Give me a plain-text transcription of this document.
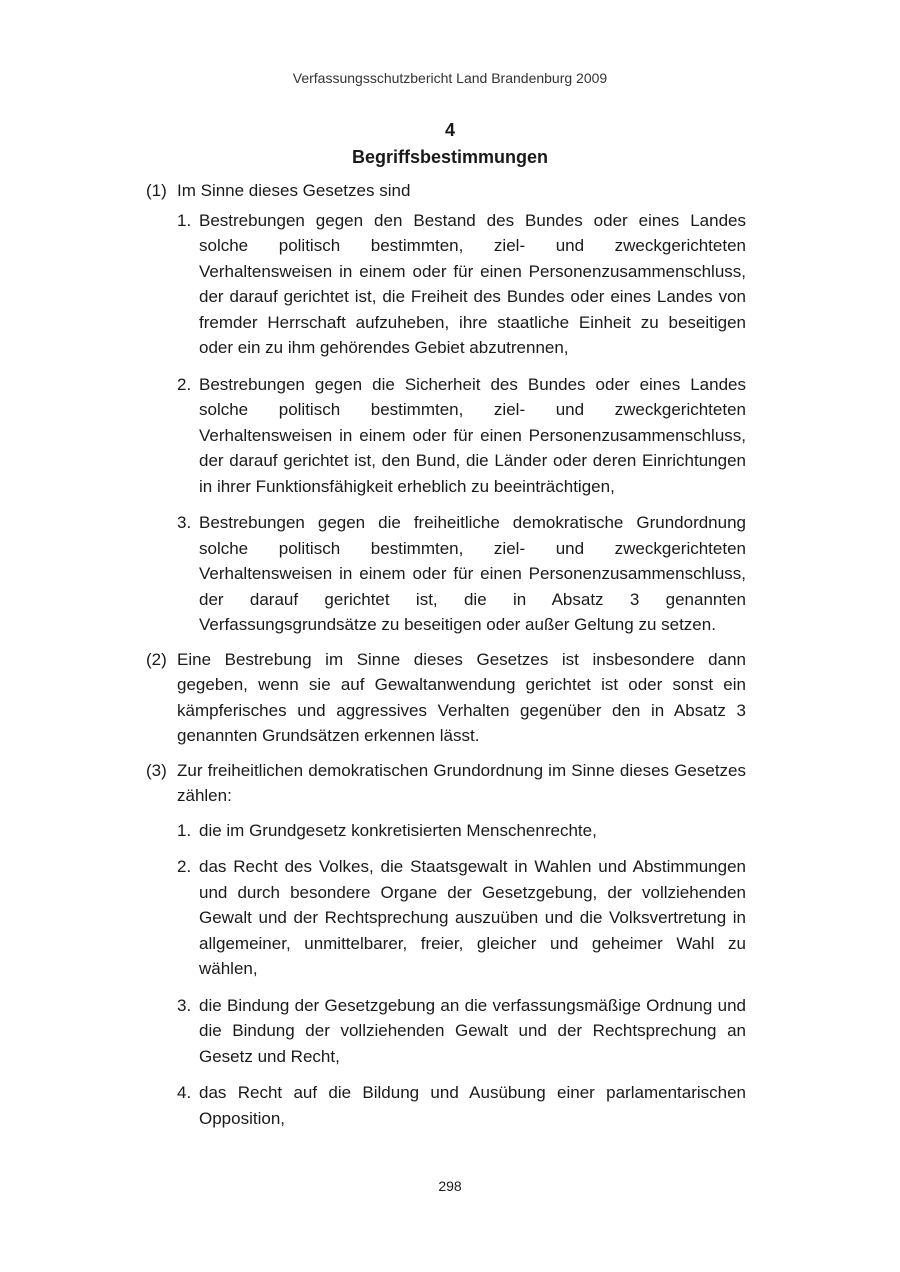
Verfassungsschutzbericht Land Brandenburg 2009
4
Begriffsbestimmungen
(1) Im Sinne dieses Gesetzes sind
1. Bestrebungen gegen den Bestand des Bundes oder eines Landes solche politisch bestimmten, ziel- und zweckgerichteten Verhaltensweisen in einem oder für einen Personenzusammenschluss, der darauf gerichtet ist, die Freiheit des Bundes oder eines Landes von fremder Herrschaft aufzuheben, ihre staatliche Einheit zu beseitigen oder ein zu ihm gehörendes Gebiet abzutrennen,
2. Bestrebungen gegen die Sicherheit des Bundes oder eines Landes solche politisch bestimmten, ziel- und zweckgerichteten Verhaltensweisen in einem oder für einen Personenzusammenschluss, der darauf gerichtet ist, den Bund, die Länder oder deren Einrichtungen in ihrer Funktionsfähigkeit erheblich zu beeinträchtigen,
3. Bestrebungen gegen die freiheitliche demokratische Grundordnung solche politisch bestimmten, ziel- und zweckgerichteten Verhaltensweisen in einem oder für einen Personenzusammenschluss, der darauf gerichtet ist, die in Absatz 3 genannten Verfassungsgrundsätze zu beseitigen oder außer Geltung zu setzen.
(2) Eine Bestrebung im Sinne dieses Gesetzes ist insbesondere dann gegeben, wenn sie auf Gewaltanwendung gerichtet ist oder sonst ein kämpferisches und aggressives Verhalten gegenüber den in Absatz 3 genannten Grundsätzen erkennen lässt.
(3) Zur freiheitlichen demokratischen Grundordnung im Sinne dieses Gesetzes zählen:
1. die im Grundgesetz konkretisierten Menschenrechte,
2. das Recht des Volkes, die Staatsgewalt in Wahlen und Abstimmungen und durch besondere Organe der Gesetzgebung, der vollziehenden Gewalt und der Rechtsprechung auszuüben und die Volksvertretung in allgemeiner, unmittelbarer, freier, gleicher und geheimer Wahl zu wählen,
3. die Bindung der Gesetzgebung an die verfassungsmäßige Ordnung und die Bindung der vollziehenden Gewalt und der Rechtsprechung an Gesetz und Recht,
4. das Recht auf die Bildung und Ausübung einer parlamentarischen Opposition,
298
